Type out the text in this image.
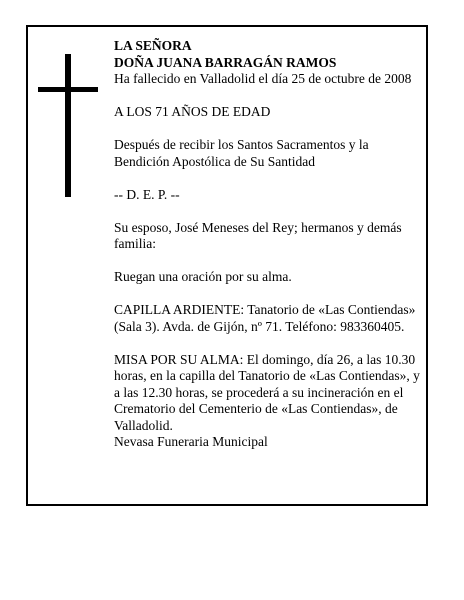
LA SEÑORA

DOÑA JUANA BARRAGÁN RAMOS

Ha fallecido en Valladolid el día 25 de octubre de 2008

A LOS 71 AÑOS DE EDAD

Después de recibir los Santos Sacramentos y la Bendición Apostólica de Su Santidad

-- D. E. P. --

Su esposo, José Meneses del Rey; hermanos y demás familia:

Ruegan una oración por su alma.

CAPILLA ARDIENTE: Tanatorio de «Las Contiendas» (Sala 3). Avda. de Gijón, nº 71. Teléfono: 983360405.

MISA POR SU ALMA: El domingo, día 26, a las 10.30 horas, en la capilla del Tanatorio de «Las Contiendas», y a las 12.30 horas, se procederá a su incineración en el Crematorio del Cementerio de «Las Contiendas», de Valladolid.

Nevasa Funeraria Municipal
